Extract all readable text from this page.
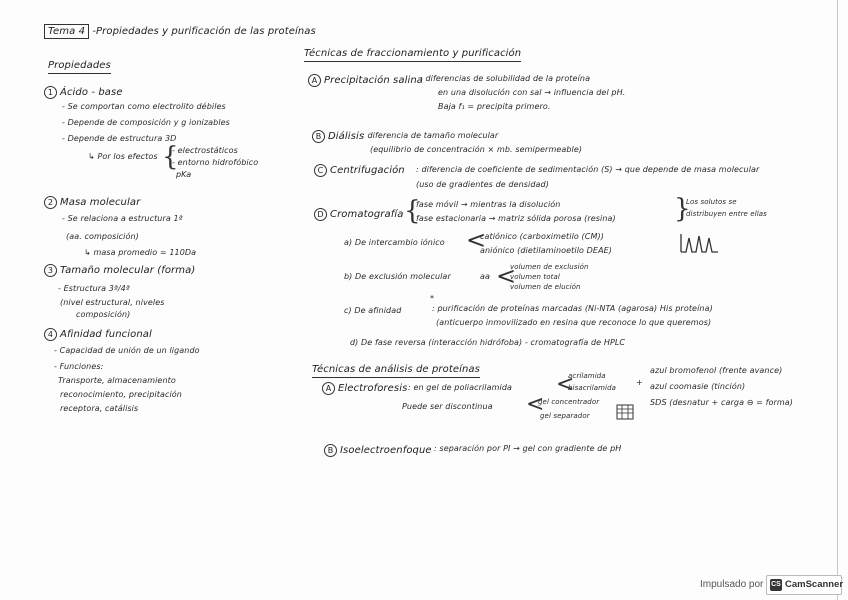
Tema 4 -Propiedades y purificación de las proteínas
Propiedades
1 Ácido - base
- Se comportan como electrolito débiles
- Depende de composición y g ionizables
- Depende de estructura 3D
↳ Por los efectos {
- electrostáticos
- entorno hidrofóbico
pKa
2 Masa molecular
- Se relaciona a estructura 1ª
(aa. composición)
↳ masa promedio = 110Da
3 Tamaño molecular (forma)
- Estructura 3ª/4ª
(nivel estructural, niveles
composición)
4 Afinidad funcional
- Capacidad de unión de un ligando
- Funciones:
Transporte, almacenamiento
reconocimiento, precipitación
receptora, catálisis
Técnicas de fraccionamiento y purificación
A Precipitación salina
: diferencias de solubilidad de la proteína
en una disolución con sal → influencia del pH.
Baja f₁ = precipita primero.
B Diálisis
: diferencia de tamaño molecular
(equilibrio de concentración × mb. semipermeable)
C Centrifugación : diferencia de coeficiente de sedimentación (S) → que depende de masa molecular
(uso de gradientes de densidad)
D Cromatografía {
fase móvil → mientras la disolución
fase estacionaria → matriz sólida porosa (resina) }
Los solutos se
distribuyen entre ellas
a) De intercambio iónico <
catiónico (carboximetilo (CM))
aniónico (dietilaminoetilo DEAE)
b) De exclusión molecular	aa <
volumen de exclusión
volumen total
volumen de elución
*
c) De afinidad	: purificación de proteínas marcadas (Ni-NTA (agarosa) His proteína)
(anticuerpo inmovilizado en resina que reconoce lo que queremos)
d) De fase reversa (interacción hidrófoba) - cromatografía de HPLC
Técnicas de análisis de proteínas
A Electroforesis : en gel de poliacrilamida <
acrilamida
bisacrilamida
+
Puede ser discontinua <
gel concentrador
gel separador
azul bromofenol (frente avance)
azul coomasie (tinción)
SDS (desnatur + carga ⊖ = forma)
B Isoelectroenfoque : separación por PI → gel con gradiente de pH
Impulsado por CS CamScanner
